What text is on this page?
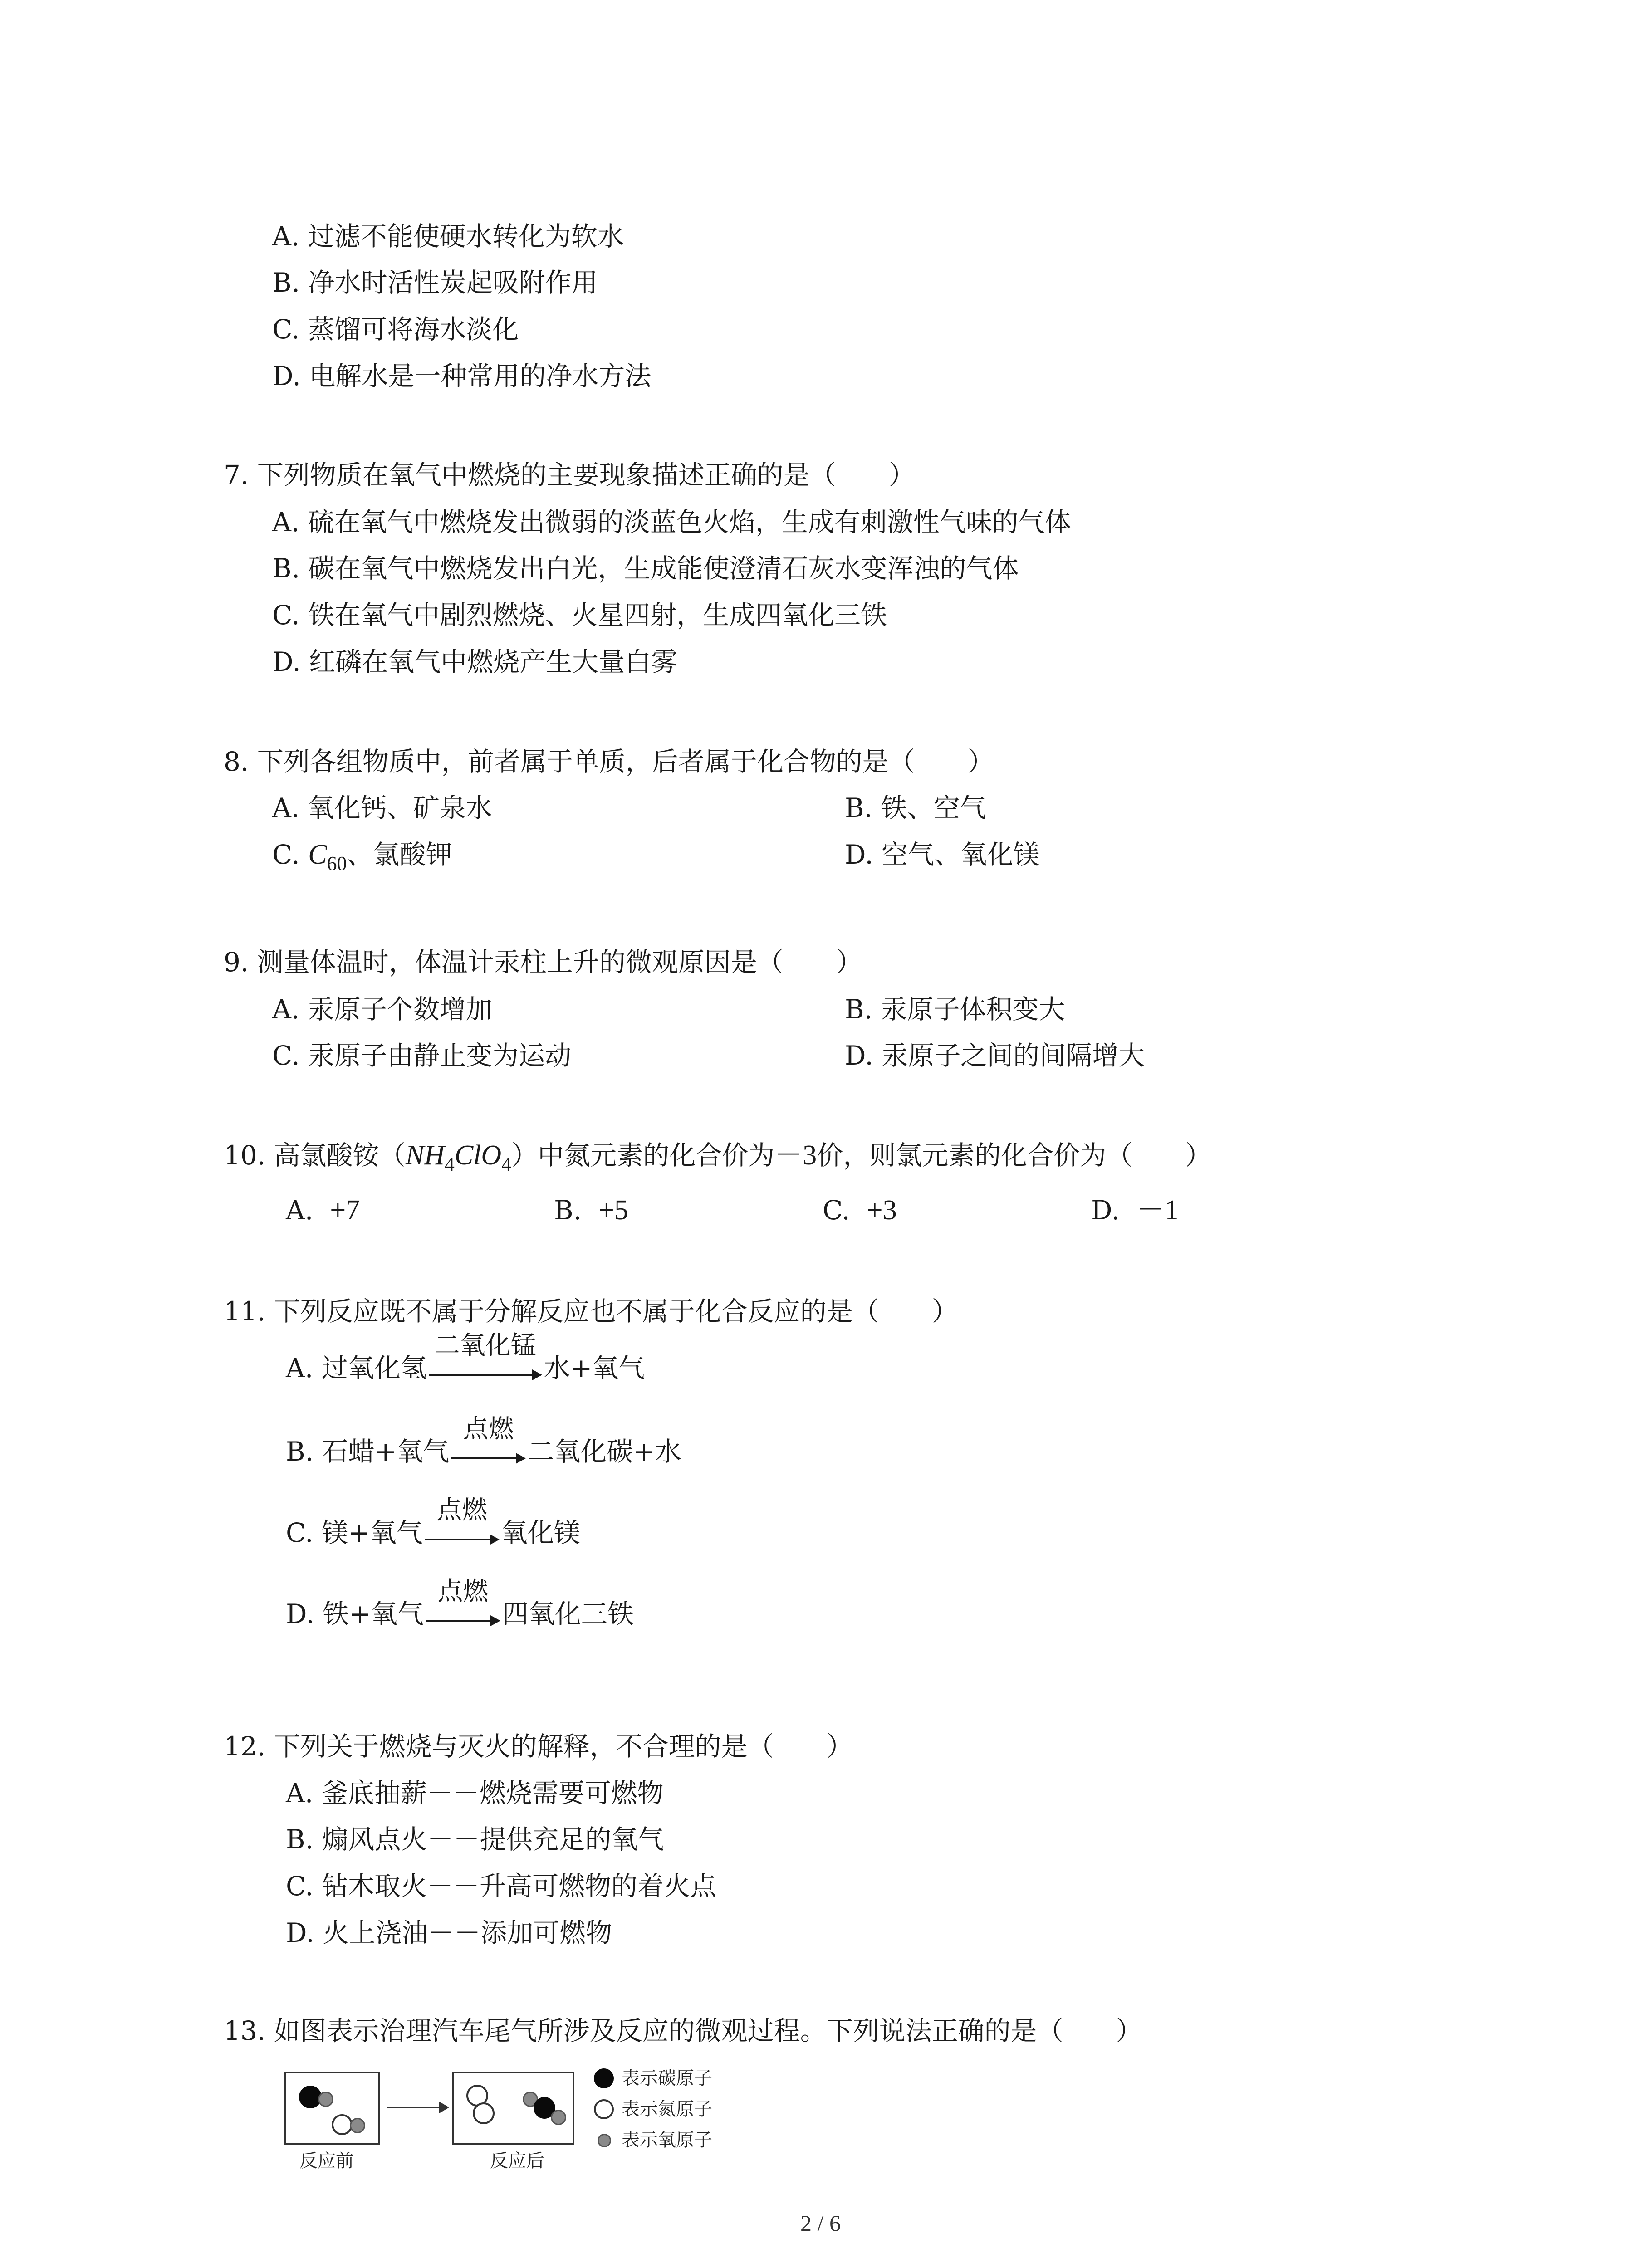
A. 过滤不能使硬水转化为软水
B. 净水时活性炭起吸附作用
C. 蒸馏可将海水淡化
D. 电解水是一种常用的净水方法
7. 下列物质在氧气中燃烧的主要现象描述正确的是（　　）
A. 硫在氧气中燃烧发出微弱的淡蓝色火焰，生成有刺激性气味的气体
B. 碳在氧气中燃烧发出白光，生成能使澄清石灰水变浑浊的气体
C. 铁在氧气中剧烈燃烧、火星四射，生成四氧化三铁
D. 红磷在氧气中燃烧产生大量白雾
8. 下列各组物质中，前者属于单质，后者属于化合物的是（　　）
A. 氧化钙、矿泉水	B. 铁、空气
C. $C_{60}$、氯酸钾	D. 空气、氧化镁
9. 测量体温时，体温计汞柱上升的微观原因是（　　）
A. 汞原子个数增加	B. 汞原子体积变大
C. 汞原子由静止变为运动	D. 汞原子之间的间隔增大
10. 高氯酸铵$(NH_4ClO_4)$中氮元素的化合价为－3价，则氯元素的化合价为（　　）
A. +7	B. +5	C. +3	D. －1
11. 下列反应既不属于分解反应也不属于化合反应的是（　　）
A. 过氧化氢
二氧化锰
水+氧气
B. 石蜡+氧气
点燃
二氧化碳+水
C. 镁+氧气
点燃
氧化镁
D. 铁+氧气
点燃
四氧化三铁
12. 下列关于燃烧与灭火的解释，不合理的是（　　）
A. 釜底抽薪－－燃烧需要可燃物
B. 煽风点火－－提供充足的氧气
C. 钻木取火－－升高可燃物的着火点
D. 火上浇油－－添加可燃物
13. 如图表示治理汽车尾气所涉及反应的微观过程。下列说法正确的是（　　）
反应前	反应后
表示碳原子
表示氮原子
表示氧原子
2 / 6
